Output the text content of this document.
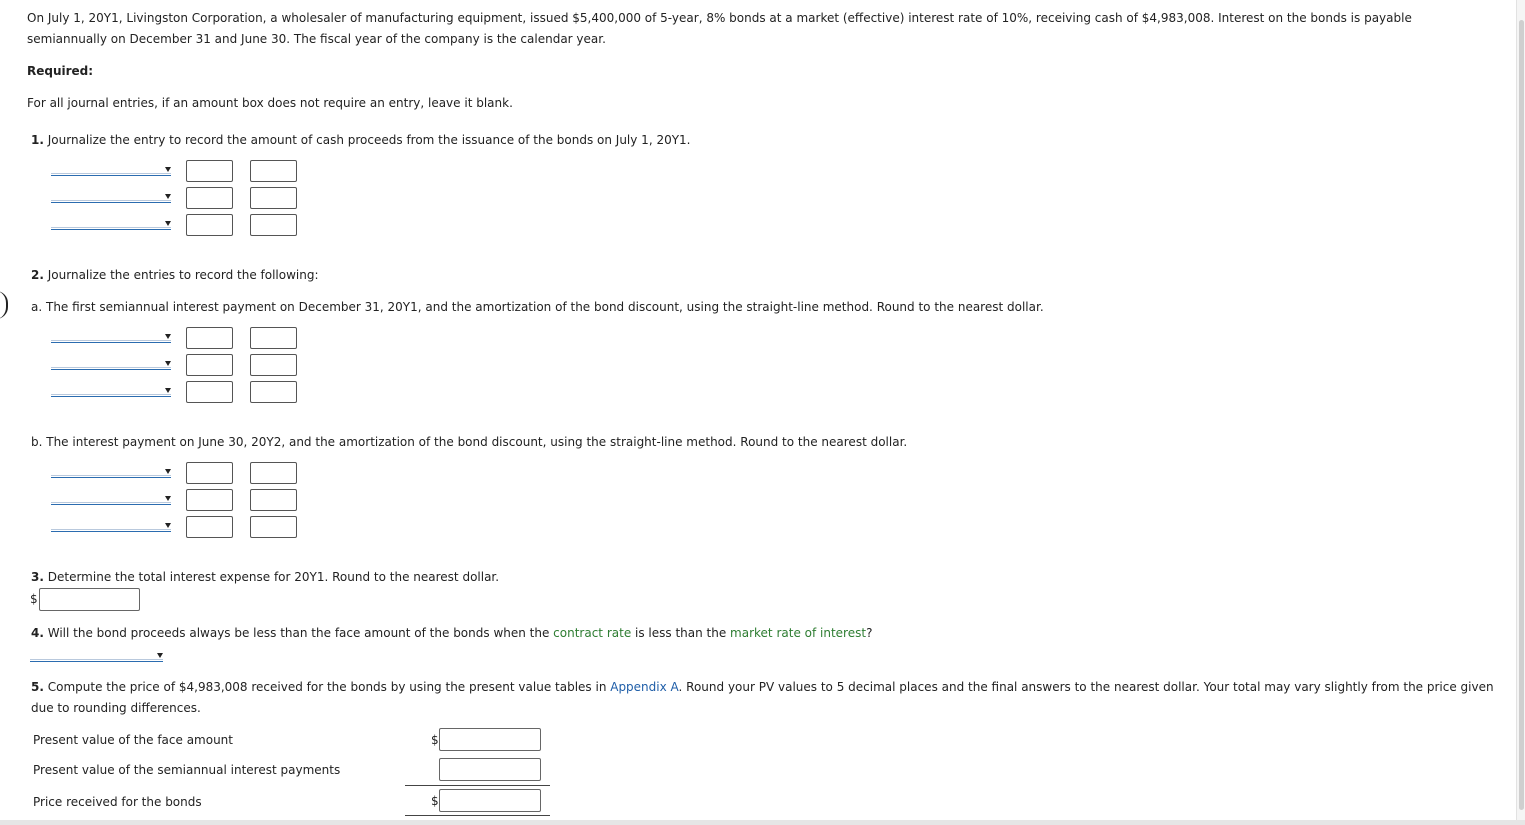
On July 1, 20Y1, Livingston Corporation, a wholesaler of manufacturing equipment, issued $5,400,000 of 5-year, 8% bonds at a market (effective) interest rate of 10%, receiving cash of $4,983,008. Interest on the bonds is payable semiannually on December 31 and June 30. The fiscal year of the company is the calendar year.
Required:
For all journal entries, if an amount box does not require an entry, leave it blank.
1. Journalize the entry to record the amount of cash proceeds from the issuance of the bonds on July 1, 20Y1.
2. Journalize the entries to record the following:
a. The first semiannual interest payment on December 31, 20Y1, and the amortization of the bond discount, using the straight-line method. Round to the nearest dollar.
b. The interest payment on June 30, 20Y2, and the amortization of the bond discount, using the straight-line method. Round to the nearest dollar.
3. Determine the total interest expense for 20Y1. Round to the nearest dollar.
$
4. Will the bond proceeds always be less than the face amount of the bonds when the contract rate is less than the market rate of interest?
5. Compute the price of $4,983,008 received for the bonds by using the present value tables in Appendix A. Round your PV values to 5 decimal places and the final answers to the nearest dollar. Your total may vary slightly from the price given
due to rounding differences.
Present value of the face amount	$
Present value of the semiannual interest payments
Price received for the bonds	$
